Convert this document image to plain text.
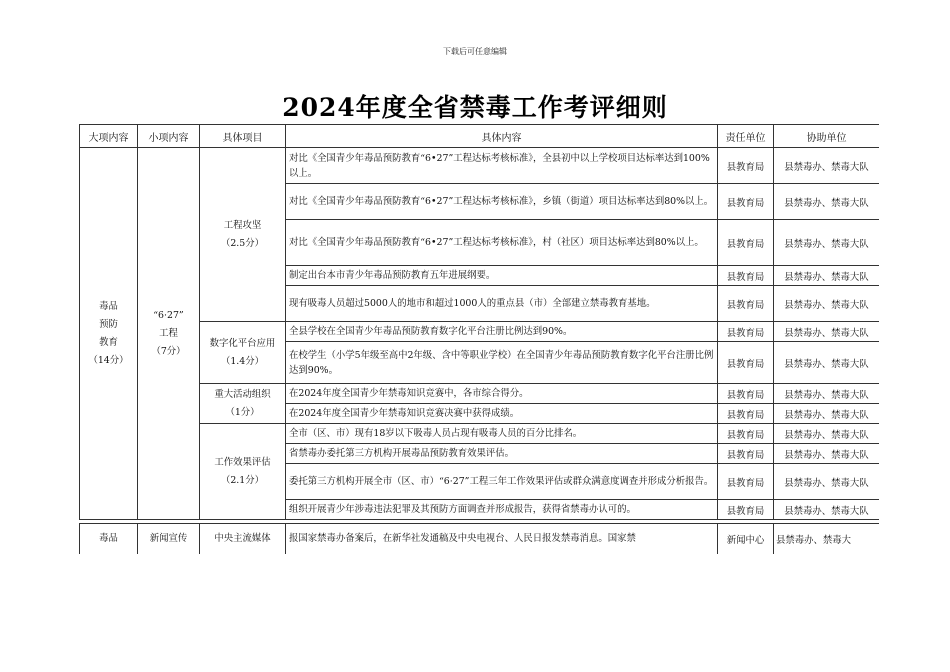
下载后可任意编辑
2024年度全省禁毒工作考评细则
大项内容	小项内容	具体项目	具体内容	责任单位	协助单位
毒品
预防
教育
（14分）	“6·27”
工程
（7分）	工程攻坚
（2.5分）	对比《全国青少年毒品预防教育“6•27”工程达标考核标准》，全县初中以上学校项目达标率达到100%以上。	县教育局	县禁毒办、禁毒大队
			对比《全国青少年毒品预防教育“6•27”工程达标考核标准》，乡镇（街道）项目达标率达到80%以上。	县教育局	县禁毒办、禁毒大队
			对比《全国青少年毒品预防教育“6•27”工程达标考核标准》，村（社区）项目达标率达到80%以上。	县教育局	县禁毒办、禁毒大队
			制定出台本市青少年毒品预防教育五年进展纲要。	县教育局	县禁毒办、禁毒大队
			现有吸毒人员超过5000人的地市和超过1000人的重点县（市）全部建立禁毒教育基地。	县教育局	县禁毒办、禁毒大队
		数字化平台应用
（1.4分）	全县学校在全国青少年毒品预防教育数字化平台注册比例达到90%。	县教育局	县禁毒办、禁毒大队
			在校学生（小学5年级至高中2年级、含中等职业学校）在全国青少年毒品预防教育数字化平台注册比例达到90%。	县教育局	县禁毒办、禁毒大队
		重大活动组织
（1分）	在2024年度全国青少年禁毒知识竞赛中，各市综合得分。	县教育局	县禁毒办、禁毒大队
			在2024年度全国青少年禁毒知识竞赛决赛中获得成绩。	县教育局	县禁毒办、禁毒大队
		工作效果评估
（2.1分）	全市（区、市）现有18岁以下吸毒人员占现有吸毒人员的百分比排名。	县教育局	县禁毒办、禁毒大队
			省禁毒办委托第三方机构开展毒品预防教育效果评估。	县教育局	县禁毒办、禁毒大队
			委托第三方机构开展全市（区、市）“6·27”工程三年工作效果评估或群众满意度调查并形成分析报告。	县教育局	县禁毒办、禁毒大队
			组织开展青少年涉毒违法犯罪及其预防方面调查并形成报告，获得省禁毒办认可的。	县教育局	县禁毒办、禁毒大队

毒品	新闻宣传	中央主流媒体	报国家禁毒办备案后，在新华社发通稿及中央电视台、人民日报发禁毒消息。国家禁	新闻中心	县禁毒办、禁毒大
